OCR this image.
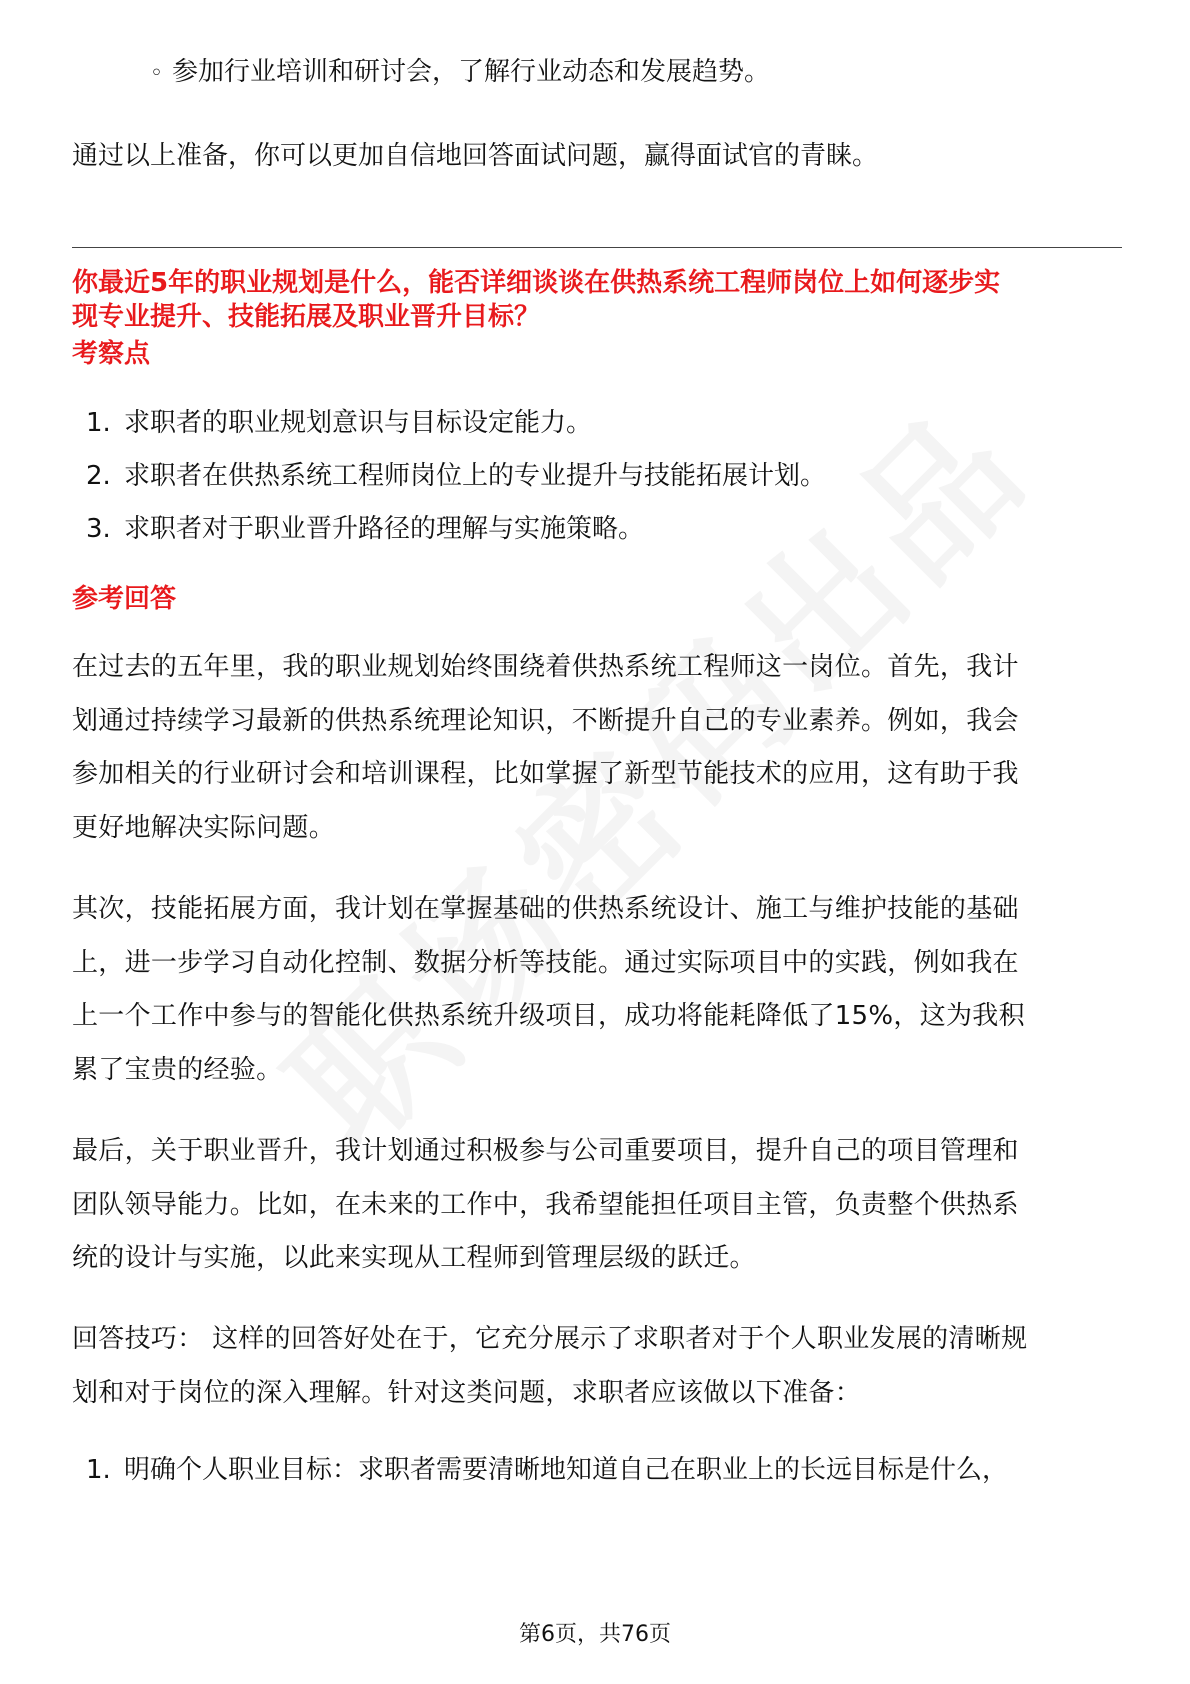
◦ 参加行业培训和研讨会，了解行业动态和发展趋势。
通过以上准备，你可以更加自信地回答面试问题，赢得面试官的青睐。
你最近5年的职业规划是什么，能否详细谈谈在供热系统工程师岗位上如何逐步实
现专业提升、技能拓展及职业晋升目标？
考察点
1. 求职者的职业规划意识与目标设定能力。
2. 求职者在供热系统工程师岗位上的专业提升与技能拓展计划。
3. 求职者对于职业晋升路径的理解与实施策略。
参考回答
在过去的五年里，我的职业规划始终围绕着供热系统工程师这一岗位。首先，我计
划通过持续学习最新的供热系统理论知识，不断提升自己的专业素养。例如，我会
参加相关的行业研讨会和培训课程，比如掌握了新型节能技术的应用，这有助于我
更好地解决实际问题。
其次，技能拓展方面，我计划在掌握基础的供热系统设计、施工与维护技能的基础
上，进一步学习自动化控制、数据分析等技能。通过实际项目中的实践，例如我在
上一个工作中参与的智能化供热系统升级项目，成功将能耗降低了15%，这为我积
累了宝贵的经验。
最后，关于职业晋升，我计划通过积极参与公司重要项目，提升自己的项目管理和
团队领导能力。比如，在未来的工作中，我希望能担任项目主管，负责整个供热系
统的设计与实施，以此来实现从工程师到管理层级的跃迁。
回答技巧： 这样的回答好处在于，它充分展示了求职者对于个人职业发展的清晰规
划和对于岗位的深入理解。针对这类问题，求职者应该做以下准备：
1. 明确个人职业目标：求职者需要清晰地知道自己在职业上的长远目标是什么，
第6页，共76页
